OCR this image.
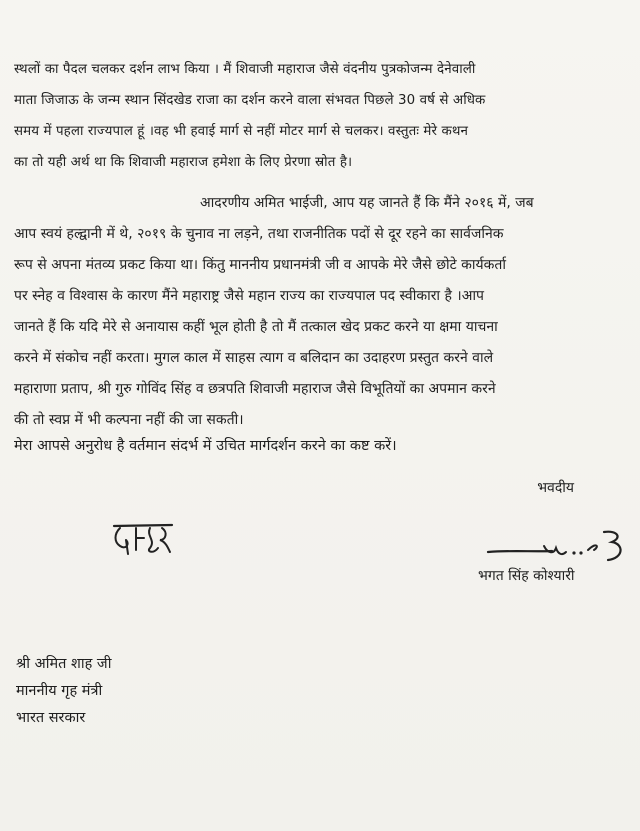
स्थलों का पैदल चलकर दर्शन लाभ किया । मैं शिवाजी महाराज जैसे वंदनीय पुत्रकोजन्म देनेवाली
माता जिजाऊ के जन्म स्थान सिंदखेड राजा का दर्शन करने वाला संभवत पिछले 30 वर्ष से अधिक
समय में पहला राज्यपाल हूं ।वह भी हवाई मार्ग से नहीं मोटर मार्ग से चलकर। वस्तुतः मेरे कथन
का तो यही अर्थ था कि शिवाजी महाराज हमेशा के लिए प्रेरणा स्रोत है।

आदरणीय अमित भाईजी, आप यह जानते हैं कि मैंने २०१६ में, जब
आप स्वयं हल्द्वानी में थे, २०१९ के चुनाव ना लड़ने, तथा राजनीतिक पदों से दूर रहने का सार्वजनिक
रूप से अपना मंतव्य प्रकट किया था। किंतु माननीय प्रधानमंत्री जी व आपके मेरे जैसे छोटे कार्यकर्ता
पर स्नेह व विश्वास के कारण मैंने महाराष्ट्र जैसे महान राज्य का राज्यपाल पद स्वीकारा है ।आप
जानते हैं कि यदि मेरे से अनायास कहीं भूल होती है तो मैं तत्काल खेद प्रकट करने या क्षमा याचना
करने में संकोच नहीं करता। मुगल काल में साहस त्याग व बलिदान का उदाहरण प्रस्तुत करने वाले
महाराणा प्रताप, श्री गुरु गोविंद सिंह व छत्रपति शिवाजी महाराज जैसे विभूतियों का अपमान करने
की तो स्वप्न में भी कल्पना नहीं की जा सकती।

मेरा आपसे अनुरोध है वर्तमान संदर्भ में उचित मार्गदर्शन करने का कष्ट करें।

भवदीय
भगत सिंह कोश्यारी
श्री अमित शाह जी
माननीय गृह मंत्री
भारत सरकार
